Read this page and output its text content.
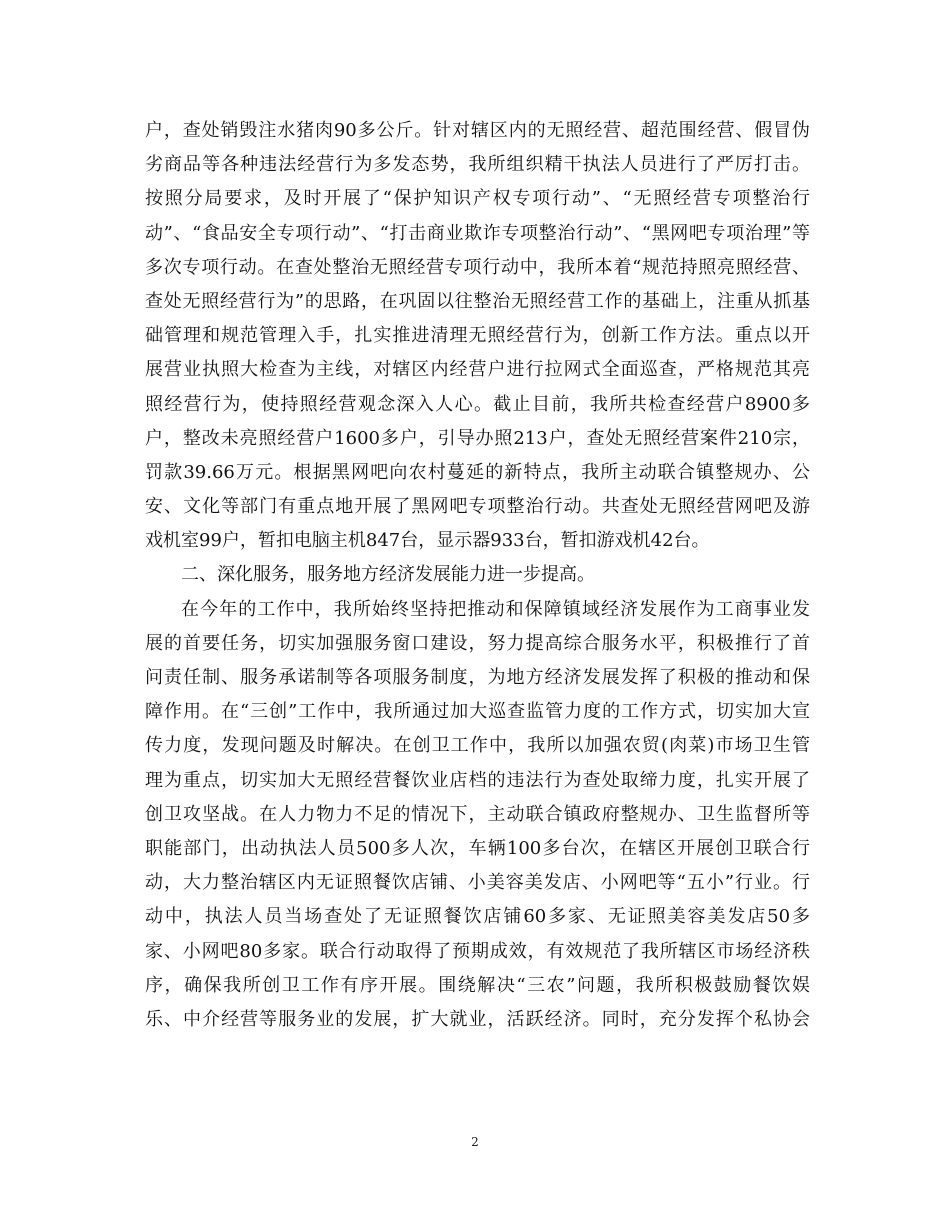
户，查处销毁注水猪肉90多公斤。针对辖区内的无照经营、超范围经营、假冒伪
劣商品等各种违法经营行为多发态势，我所组织精干执法人员进行了严厉打击。
按照分局要求，及时开展了“保护知识产权专项行动”、“无照经营专项整治行
动”、“食品安全专项行动”、“打击商业欺诈专项整治行动”、“黑网吧专项治理”等
多次专项行动。在查处整治无照经营专项行动中，我所本着“规范持照亮照经营、
查处无照经营行为”的思路，在巩固以往整治无照经营工作的基础上，注重从抓基
础管理和规范管理入手，扎实推进清理无照经营行为，创新工作方法。重点以开
展营业执照大检查为主线，对辖区内经营户进行拉网式全面巡查，严格规范其亮
照经营行为，使持照经营观念深入人心。截止目前，我所共检查经营户8900多
户，整改未亮照经营户1600多户，引导办照213户，查处无照经营案件210宗，
罚款39.66万元。根据黑网吧向农村蔓延的新特点，我所主动联合镇整规办、公
安、文化等部门有重点地开展了黑网吧专项整治行动。共查处无照经营网吧及游
戏机室99户，暂扣电脑主机847台，显示器933台，暂扣游戏机42台。
二、深化服务，服务地方经济发展能力进一步提高。
在今年的工作中，我所始终坚持把推动和保障镇域经济发展作为工商事业发
展的首要任务，切实加强服务窗口建设，努力提高综合服务水平，积极推行了首
问责任制、服务承诺制等各项服务制度，为地方经济发展发挥了积极的推动和保
障作用。在“三创”工作中，我所通过加大巡查监管力度的工作方式，切实加大宣
传力度，发现问题及时解决。在创卫工作中，我所以加强农贸(肉菜)市场卫生管
理为重点，切实加大无照经营餐饮业店档的违法行为查处取缔力度，扎实开展了
创卫攻坚战。在人力物力不足的情况下，主动联合镇政府整规办、卫生监督所等
职能部门，出动执法人员500多人次，车辆100多台次，在辖区开展创卫联合行
动，大力整治辖区内无证照餐饮店铺、小美容美发店、小网吧等“五小”行业。行
动中，执法人员当场查处了无证照餐饮店铺60多家、无证照美容美发店50多
家、小网吧80多家。联合行动取得了预期成效，有效规范了我所辖区市场经济秩
序，确保我所创卫工作有序开展。围绕解决“三农”问题，我所积极鼓励餐饮娱
乐、中介经营等服务业的发展，扩大就业，活跃经济。同时，充分发挥个私协会
2
